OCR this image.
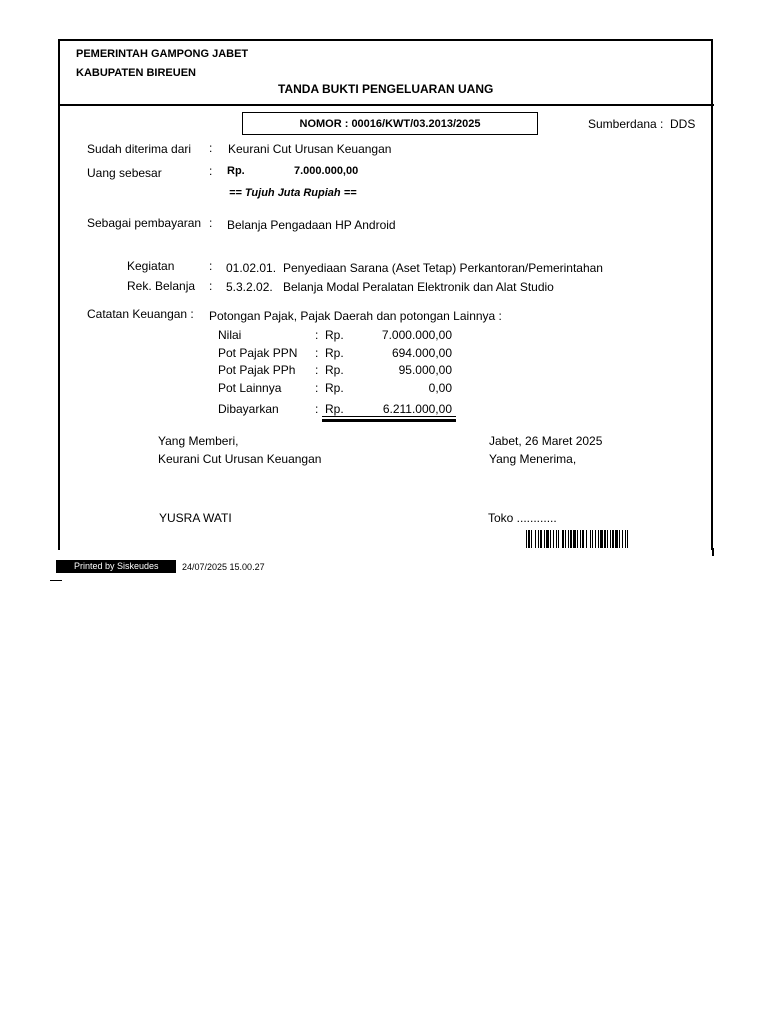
PEMERINTAH GAMPONG JABET
KABUPATEN BIREUEN
TANDA BUKTI PENGELUARAN UANG
NOMOR : 00016/KWT/03.2013/2025	Sumberdana : DDS
Sudah diterima dari : Keurani Cut Urusan Keuangan
Uang sebesar	: Rp.	7.000.000,00
== Tujuh Juta Rupiah ==
Sebagai pembayaran : Belanja Pengadaan HP Android
Kegiatan	: 01.02.01. Penyediaan Sarana (Aset Tetap) Perkantoran/Pemerintahan
Rek. Belanja : 5.3.2.02. Belanja Modal Peralatan Elektronik dan Alat Studio
Catatan Keuangan : Potongan Pajak, Pajak Daerah dan potongan Lainnya :
Nilai	: Rp.	7.000.000,00
Pot Pajak PPN : Rp.	694.000,00
Pot Pajak PPh : Rp.	95.000,00
Pot Lainnya	: Rp.	0,00
Dibayarkan	: Rp.	6.211.000,00
Yang Memberi,
Keurani Cut Urusan Keuangan
YUSRA WATI
Jabet, 26 Maret 2025
Yang Menerima,
Toko ............
Printed by Siskeudes	24/07/2025 15.00.27
